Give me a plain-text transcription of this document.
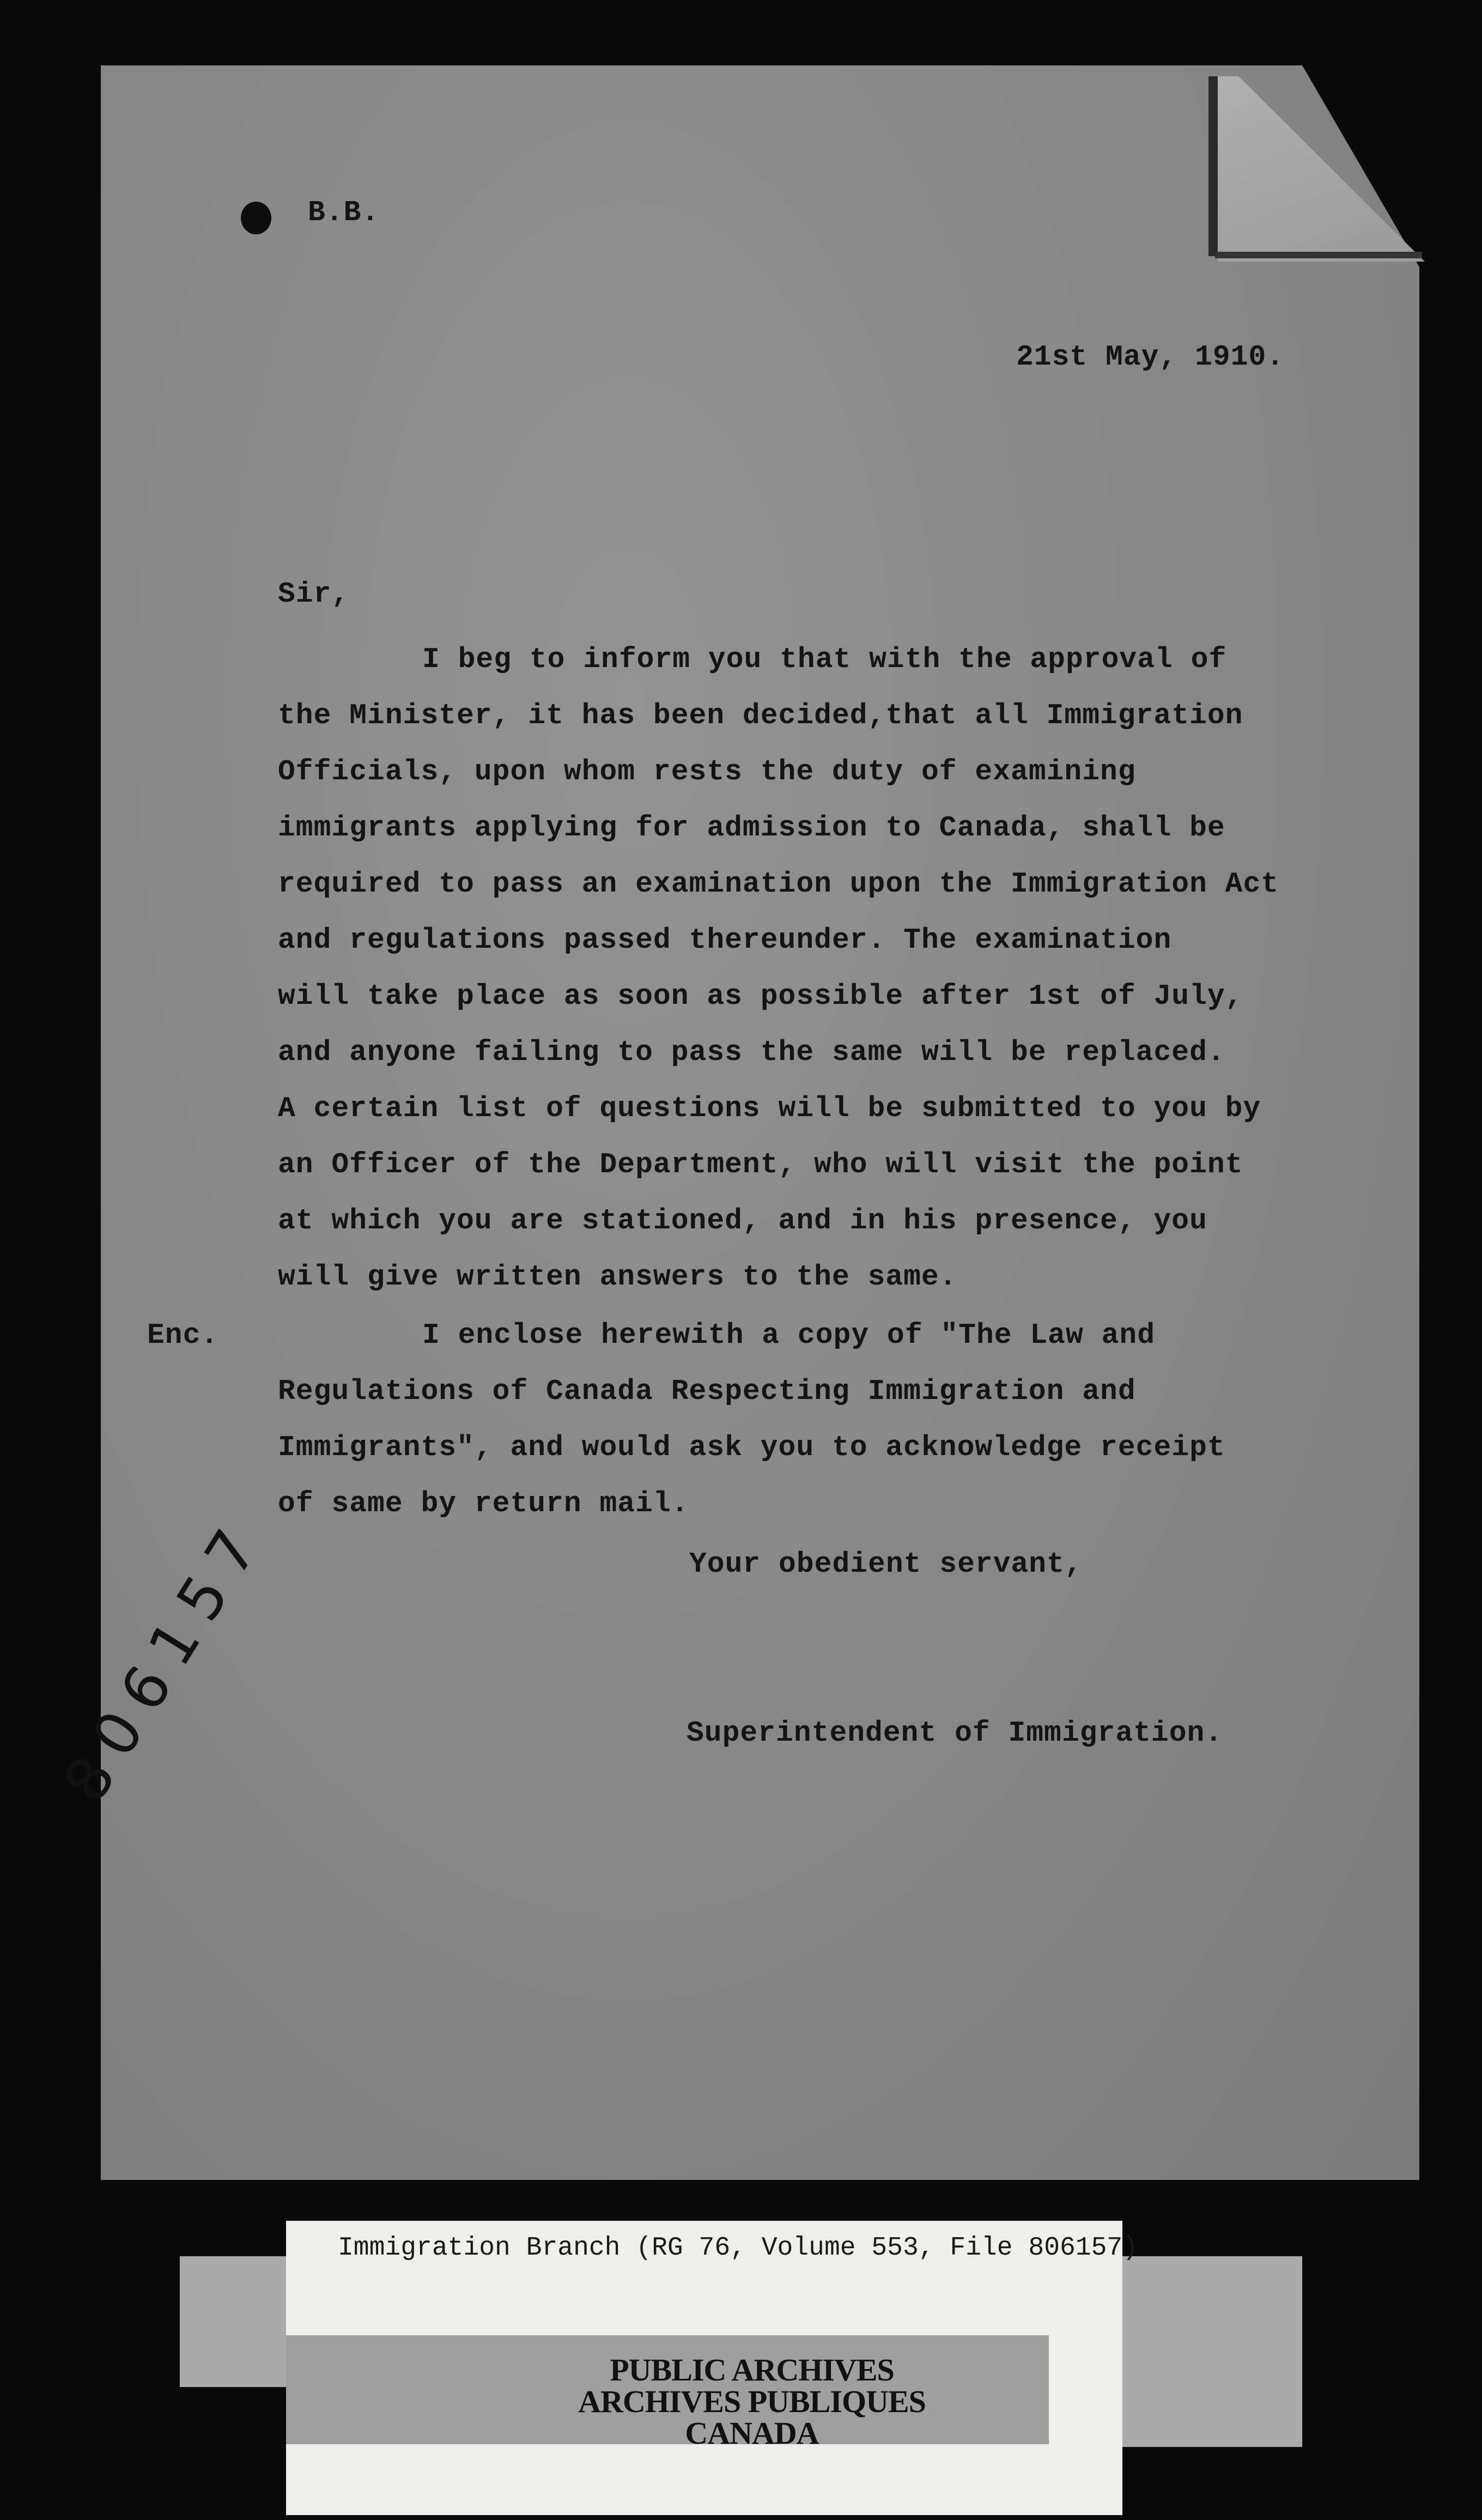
B.B.
21st May, 1910.
Sir,
I beg to inform you that with the approval of
the Minister, it has been decided,that all Immigration
Officials, upon whom rests the duty of examining
immigrants applying for admission to Canada, shall be
required to pass an examination upon the Immigration Act
and regulations passed thereunder. The examination
will take place as soon as possible after 1st of July,
and anyone failing to pass the same will be replaced.
A certain list of questions will be submitted to you by
an Officer of the Department, who will visit the point
at which you are stationed, and in his presence, you
will give written answers to the same.
Enc.	I enclose herewith a copy of "The Law and
Regulations of Canada Respecting Immigration and
Immigrants", and would ask you to acknowledge receipt
of same by return mail.
Your obedient servant,
Superintendent of Immigration.
806157
Immigration Branch (RG 76, Volume 553, File 806157)
PUBLIC ARCHIVES
ARCHIVES PUBLIQUES
CANADA
